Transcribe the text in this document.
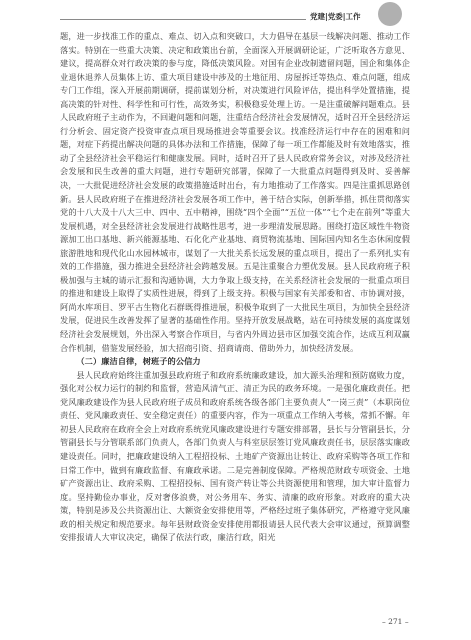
党建|党委|工作

题，进一步找准工作的重点、难点、切入点和突破口，大力倡导在基层一线解决问题、推动工作落实。特别在一些重大决策、决定和政策出台前，全面深入开展调研论证，广泛听取各方意见、建议，提高群众对行政决策的参与度，降低决策风险。对国有企业改制遗留问题，国企和集体企业退休退养人员集体上访、重大项目建设中涉及的土地征用、房屋拆迁等热点、难点问题，组成专门工作组，深入开展前期调研，提前谋划分析，对决策进行风险评估，提出科学处置措施，提高决策的针对性、科学性和可行性，高效务实，积极稳妥处理上访。一是注重破解问题难点。县人民政府班子主动作为，不回避问题和问题，注重结合经济社会发展情况，适时召开全县经济运行分析会、固定资产投资审查点项目现场推进会等重要会议。找准经济运行中存在的困难和问题，对症下药提出解决问题的具体办法和工作措施，保障了每一项工作都能及时有效地落实，推动了全县经济社会平稳运行和健康发展。同时，适时召开了县人民政府常务会议，对涉及经济社会发展和民生改善的重大问题，进行专题研究部署，保障了一大批重点问题得到及时、妥善解决，一大批促进经济社会发展的政策措施适时出台，有力地推动了工作落实。四是注重抓思路创新。县人民政府班子在推进经济社会发展各项工作中，善于结合实际，创新举措，抓住贯彻落实党的十八大及十八大三中、四中、五中精神，围绕“四个全面”“五位一体”“七个走在前列”等重大发展机遇，对全县经济社会发展进行战略性思考，进一步理清发展思路。围绕打造区域性牛物资源加工出口基地、新兴能源基地、石化化产业基地、商贸物流基地、国际国内知名生态休闲度假旅游胜地和现代化山水园林城市，谋划了一大批关系长远发展的重点项目，提出了一系列扎实有效的工作措施，强力推进全县经济社会跨越发展。五是注重聚合力塑优发展。县人民政府班子积极加强与主城的请示汇报和沟通协调，大力争取上级支持，在关系经济社会发展的一批重点项目的推进和建设上取得了实质性进展，得到了上级支持。积极与国家有关部委和省、市协调对接，阿尚水库项目、罗平古生物化石群既得推进展，积极争取到了一大批民生项目，为加快全县经济发展，促进民生改善发挥了显著的基础性作用。坚持开放发展战略，站在可持续发展的高度谋划经济社会发展规划，外出深入考察合作项目，与省内外周边县市区加强交流合作，达成互利双赢合作机制，借鉴发展经验，加大招商引资、招商请商、借助外力，加快经济发展。

（二）廉洁自律，树班子的公信力

县人民政府始终注重加强县政府班子和政府系统廉政建设，加大源头治理和预防腐败力度，强化对公权力运行的制约和监督，营造风清气正、清正为民的政务环境。一是强化廉政责任。把党风廉政建设作为县人民政府班子成员和政府系统各级各部门主要负责人“一岗三责”（本职岗位责任、党风廉政责任、安全稳定责任）的重要内容，作为一项重点工作纳入考核，常抓不懈。年初县人民政府在政府全会上对政府系统党风廉政建设进行专题安排部署，县长与分管副县长，分管副县长与分管联系部门负责人，各部门负责人与科室层层签订党风廉政责任书，层层落实廉政建设责任。同时，把廉政建设纳入工程招投标、土地矿产资源出让转让、政府采购等各项工作和日常工作中，做到有廉政监督、有廉政承诺。二是完善制度保障。严格规范财政专项资金、土地矿产资源出让、政府采购、工程招投标、国有资产转让等公共资源使用和管理，加大审计监督力度。坚持勤俭办事业，反对奢侈浪费，对公务用车、务实、清廉的政府形象。对政府的重大决策，特别是涉及公共资源出让、大额资金安排使用等，严格经过班子集体研究，严格遵守党风廉政的相关规定和规范要求。每年县财政资金安排使用都报请县人民代表大会审议通过，预算调整安排报请人大审议决定，确保了依法行政，廉洁行政，阳光

– 271 –
